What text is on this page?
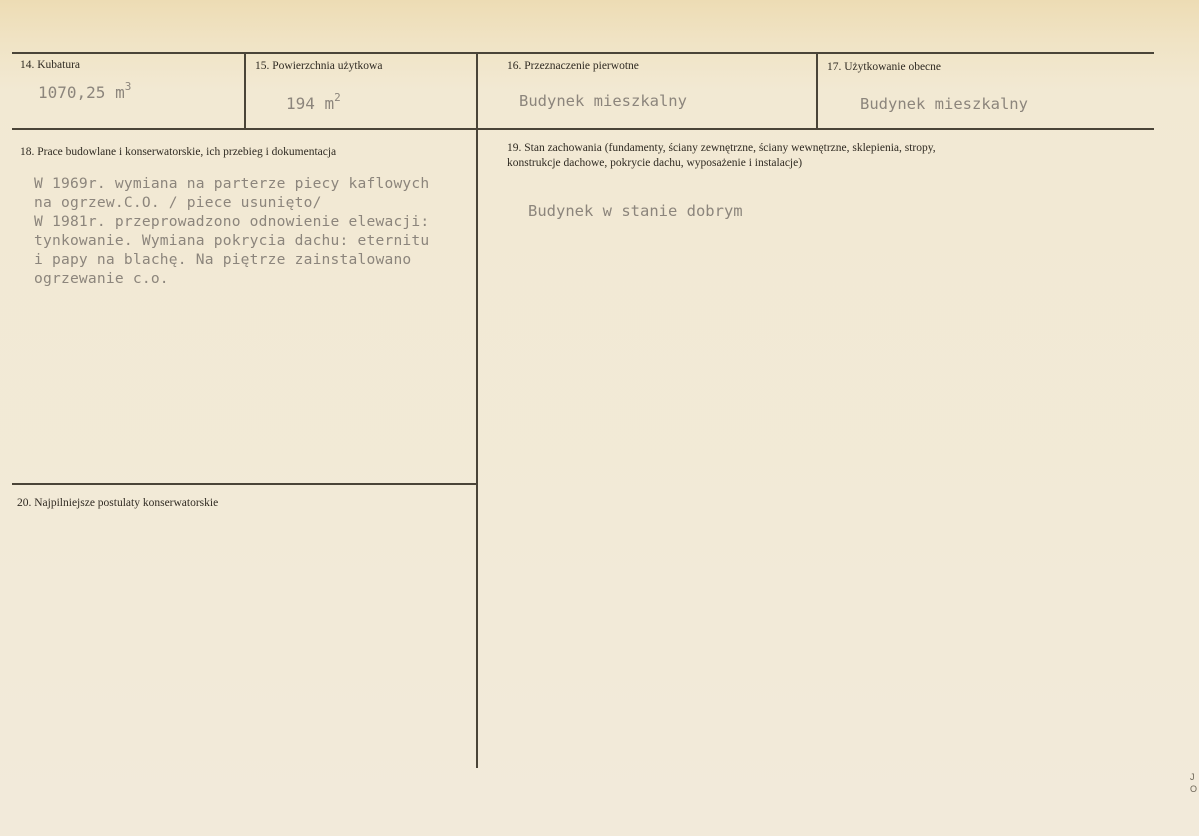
14. Kubatura
1070,25 $m^3$
15. Powierzchnia użytkowa
194 $m^2$
16. Przeznaczenie pierwotne
Budynek mieszkalny
17. Użytkowanie obecne
Budynek mieszkalny
18. Prace budowlane i konserwatorskie, ich przebieg i dokumentacja
W 1969r. wymiana na parterze piecy kaflowych
na ogrzew.C.O. / piece usunięto/
W 1981r. przeprowadzono odnowienie elewacji:
tynkowanie. Wymiana pokrycia dachu: eternitu
i papy na blachę. Na piętrze zainstalowano
ogrzewanie c.o.
19. Stan zachowania (fundamenty, ściany zewnętrzne, ściany wewnętrzne, sklepienia, stropy,
konstrukcje dachowe, pokrycie dachu, wyposażenie i instalacje)
Budynek w stanie dobrym
20. Najpilniejsze postulaty konserwatorskie
J
O
